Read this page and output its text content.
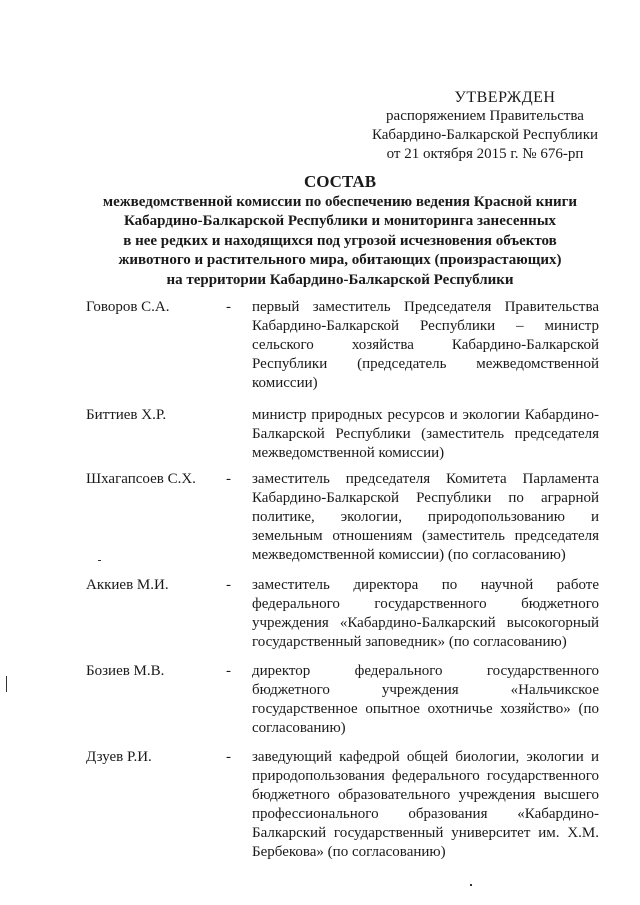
УТВЕРЖДЕН
распоряжением Правительства
Кабардино-Балкарской Республики
от 21 октября 2015 г. № 676-рп
СОСТАВ
межведомственной комиссии по обеспечению ведения Красной книги
Кабардино-Балкарской Республики и мониторинга занесенных
в нее редких и находящихся под угрозой исчезновения объектов
животного и растительного мира, обитающих (произрастающих)
на территории Кабардино-Балкарской Республики
Говоров С.А.	- первый заместитель Председателя Правительства Кабардино-Балкарской Республики – министр сельского хозяйства Кабардино-Балкарской Республики (председатель межведомственной комиссии)
Биттиев Х.Р.	министр природных ресурсов и экологии Кабардино-Балкарской Республики (заместитель председателя межведомственной комиссии)
Шхагапсоев С.Х. - заместитель председателя Комитета Парламента Кабардино-Балкарской Республики по аграрной политике, экологии, природопользованию и земельным отношениям (заместитель председателя межведомственной комиссии) (по согласованию)
Аккиев М.И.	- заместитель директора по научной работе федерального государственного бюджетного учреждения «Кабардино-Балкарский высокогорный государственный заповедник» (по согласованию)
Бозиев М.В.	- директор федерального государственного бюджетного учреждения «Нальчикское государственное опытное охотничье хозяйство» (по согласованию)
Дзуев Р.И.	- заведующий кафедрой общей биологии, экологии и природопользования федерального государственного бюджетного образовательного учреждения высшего профессионального образования «Кабардино-Балкарский государственный университет им. Х.М. Бербекова» (по согласованию)
